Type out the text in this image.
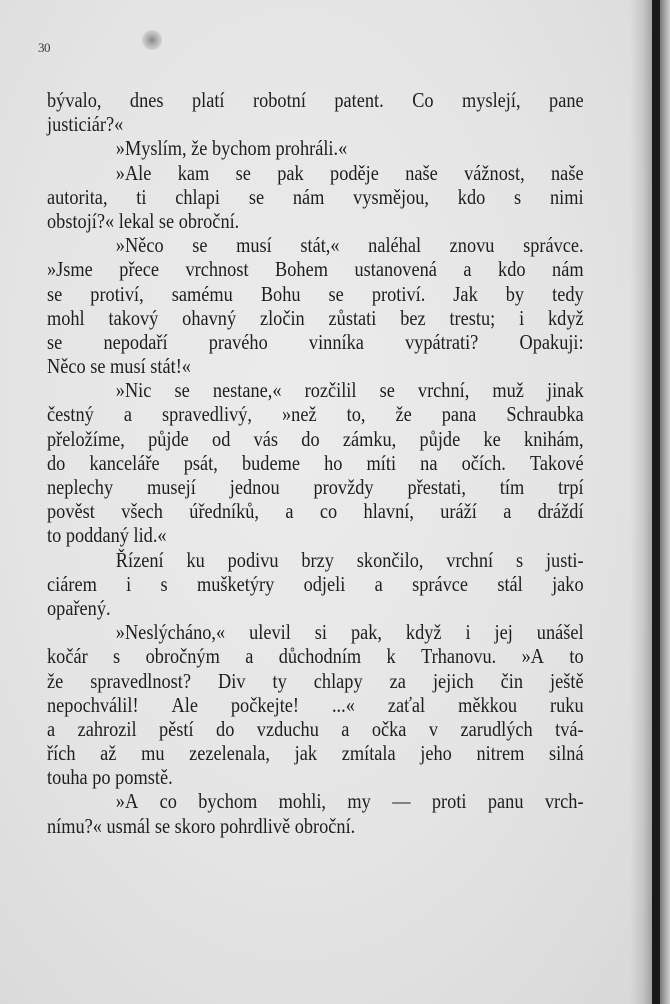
30
bývalo, dnes platí robotní patent. Co myslejí, pane
justiciár?«
»Myslím, že bychom prohráli.«
»Ale kam se pak poděje naše vážnost, naše
autorita, ti chlapi se nám vysmějou, kdo s nimi
obstojí?« lekal se obroční.
»Něco se musí stát,« naléhal znovu správce.
»Jsme přece vrchnost Bohem ustanovená a kdo nám
se protiví, samému Bohu se protiví. Jak by tedy
mohl takový ohavný zločin zůstati bez trestu; i když
se nepodaří pravého vinníka vypátrati? Opakuji:
Něco se musí stát!«
»Nic se nestane,« rozčilil se vrchní, muž jinak
čestný a spravedlivý, »než to, že pana Schraubka
přeložíme, půjde od vás do zámku, půjde ke knihám,
do kanceláře psát, budeme ho míti na očích. Takové
neplechy musejí jednou provždy přestati, tím trpí
pověst všech úředníků, a co hlavní, uráží a dráždí
to poddaný lid.«
Řízení ku podivu brzy skončilo, vrchní s justi-
ciárem i s mušketýry odjeli a správce stál jako
opařený.
»Neslýcháno,« ulevil si pak, když i jej unášel
kočár s obročným a důchodním k Trhanovu. »A to
že spravedlnost? Div ty chlapy za jejich čin ještě
nepochválil! Ale počkejte! ...« zaťal měkkou ruku
a zahrozil pěstí do vzduchu a očka v zarudlých tvá-
řích až mu zezelenala, jak zmítala jeho nitrem silná
touha po pomstě.
»A co bychom mohli, my — proti panu vrch-
nímu?« usmál se skoro pohrdlivě obroční.
